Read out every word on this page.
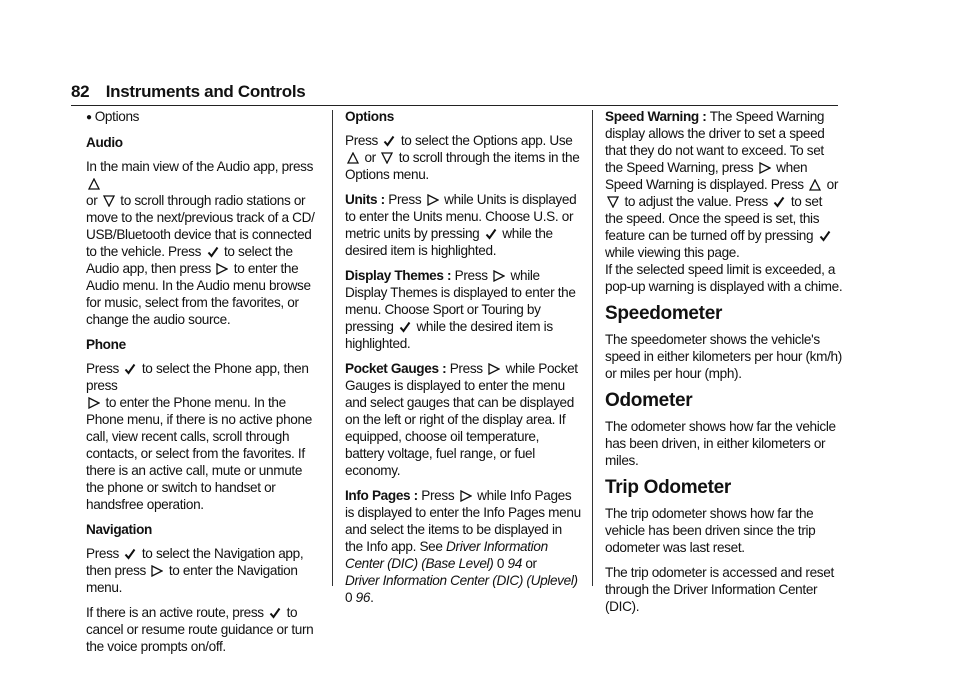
82 Instruments and Controls
● Options
Audio

In the main view of the Audio app, press

or to scroll through radio stations or move to the next/previous track of a CD/ USB/Bluetooth device that is connected to the vehicle. Press to select the Audio app, then press to enter the Audio menu. In the Audio menu browse for music, select from the favorites, or change the audio source.

Phone

Press to select the Phone app, then press

to enter the Phone menu. In the Phone menu, if there is no active phone call, view recent calls, scroll through contacts, or select from the favorites. If there is an active call, mute or unmute the phone or switch to handset or handsfree operation.

Navigation

Press to select the Navigation app, then press to enter the Navigation menu.

If there is an active route, press to cancel or resume route guidance or turn the voice prompts on/off.

Options

Press to select the Options app. Use
or to scroll through the items in the Options menu.

Units : Press while Units is displayed to enter the Units menu. Choose U.S. or metric units by pressing while the desired item is highlighted.

Display Themes : Press while Display Themes is displayed to enter the menu. Choose Sport or Touring by pressing while the desired item is highlighted.

Pocket Gauges : Press while Pocket Gauges is displayed to enter the menu and select gauges that can be displayed on the left or right of the display area. If equipped, choose oil temperature, battery voltage, fuel range, or fuel economy.

Info Pages : Press while Info Pages is displayed to enter the Info Pages menu and select the items to be displayed in the Info app. See Driver Information Center (DIC) (Base Level) 0 94 or
Driver Information Center (DIC) (Uplevel)
0 96.

Speed Warning : The Speed Warning display allows the driver to set a speed that they do not want to exceed. To set the Speed Warning, press when Speed Warning is displayed. Press or
to adjust the value. Press to set the speed. Once the speed is set, this feature can be turned off by pressing
while viewing this page.

If the selected speed limit is exceeded, a pop-up warning is displayed with a chime.

Speedometer

The speedometer shows the vehicle's speed in either kilometers per hour (km/h) or miles per hour (mph).

Odometer

The odometer shows how far the vehicle has been driven, in either kilometers or miles.

Trip Odometer

The trip odometer shows how far the vehicle has been driven since the trip odometer was last reset.

The trip odometer is accessed and reset through the Driver Information Center (DIC).
